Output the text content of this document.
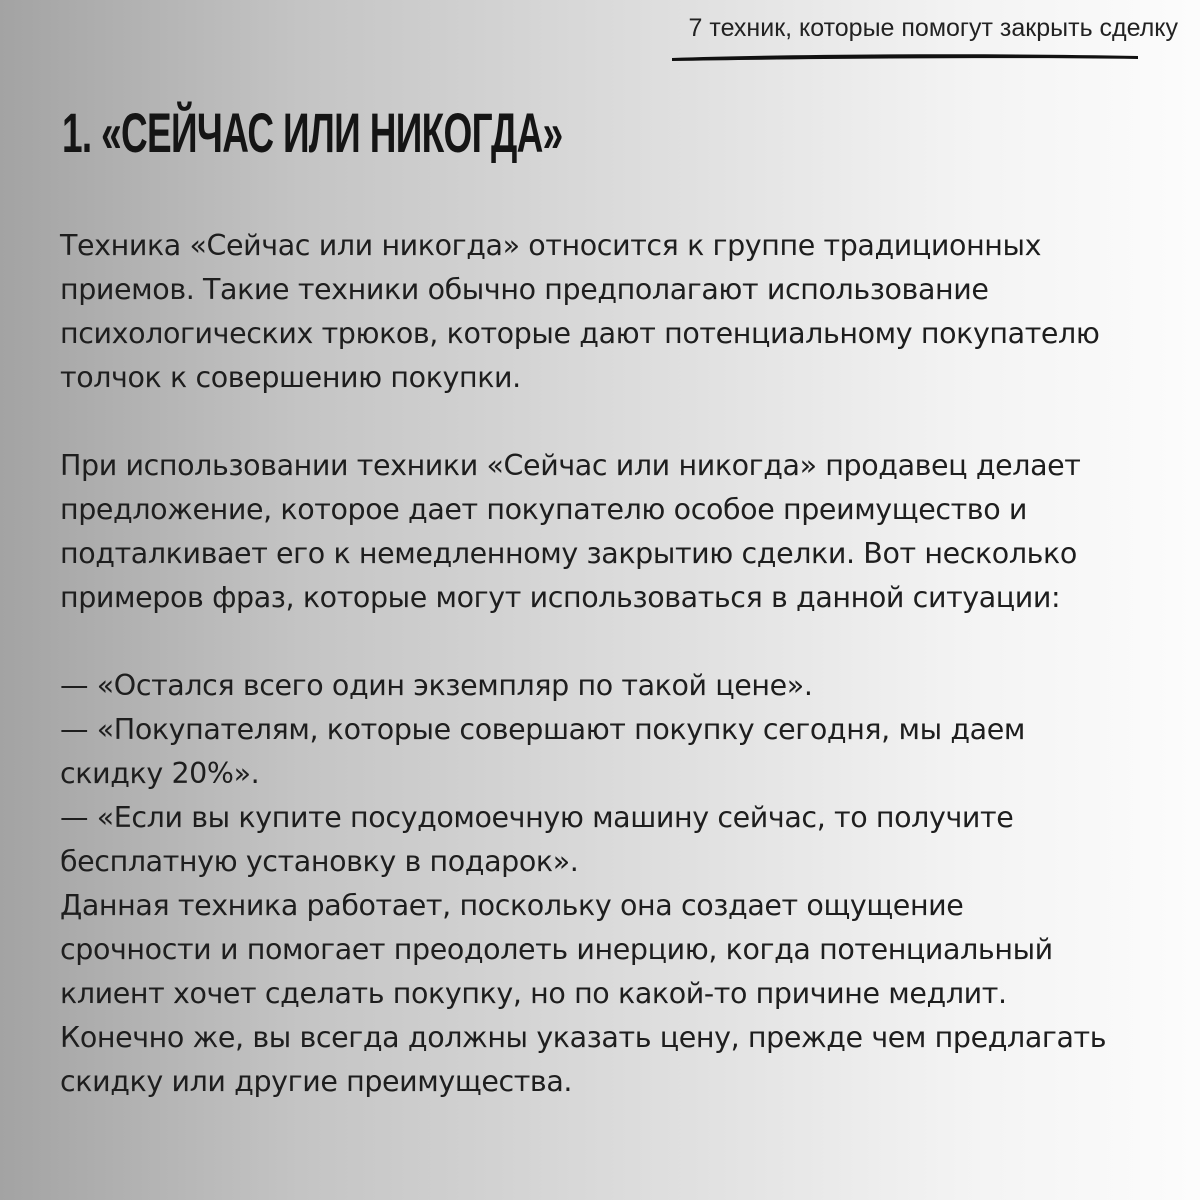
7 техник, которые помогут закрыть сделку
1. «СЕЙЧАС ИЛИ НИКОГДА»
Техника «Сейчас или никогда» относится к группе традиционных
приемов. Такие техники обычно предполагают использование
психологических трюков, которые дают потенциальному покупателю
толчок к совершению покупки.
При использовании техники «Сейчас или никогда» продавец делает
предложение, которое дает покупателю особое преимущество и
подталкивает его к немедленному закрытию сделки. Вот несколько
примеров фраз, которые могут использоваться в данной ситуации:
— «Остался всего один экземпляр по такой цене».
— «Покупателям, которые совершают покупку сегодня, мы даем
скидку 20%».
— «Если вы купите посудомоечную машину сейчас, то получите
бесплатную установку в подарок».
Данная техника работает, поскольку она создает ощущение
срочности и помогает преодолеть инерцию, когда потенциальный
клиент хочет сделать покупку, но по какой-то причине медлит.
Конечно же, вы всегда должны указать цену, прежде чем предлагать
скидку или другие преимущества.
